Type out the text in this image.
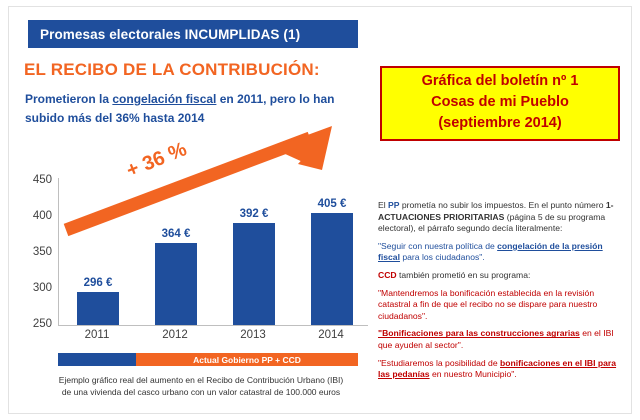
Promesas electorales INCUMPLIDAS (1)
EL RECIBO DE LA CONTRIBUCIÓN:
Prometieron la congelación fiscal en 2011, pero lo han
subido más del 36% hasta 2014
Gráfica del boletín nº 1
Cosas de mi Pueblo
(septiembre 2014)
450
400
350
300
250
296 €
364 €
392 €
405 €
2011	2012	2013	2014
Elecciones	Actual Gobierno PP + CCD
Ejemplo gráfico real del aumento en el Recibo de Contribución Urbano (IBI)
de una vivienda del casco urbano con un valor catastral de 100.000 euros
+ 36 %

El PP prometía no subir los impuestos. En el punto número 1-ACTUACIONES PRIORITARIAS (página 5 de su programa electoral), el párrafo segundo decía literalmente:

"Seguir con nuestra política de congelación de la presión fiscal para los ciudadanos".

CCD también prometió en su programa:

"Mantendremos la bonificación establecida en la revisión catastral a fin de que el recibo no se dispare para nuestro ciudadanos".

"Bonificaciones para las construcciones agrarias en el IBI que ayuden al sector".

"Estudiaremos la posibilidad de bonificaciones en el IBI para las pedanías en nuestro Municipio".
